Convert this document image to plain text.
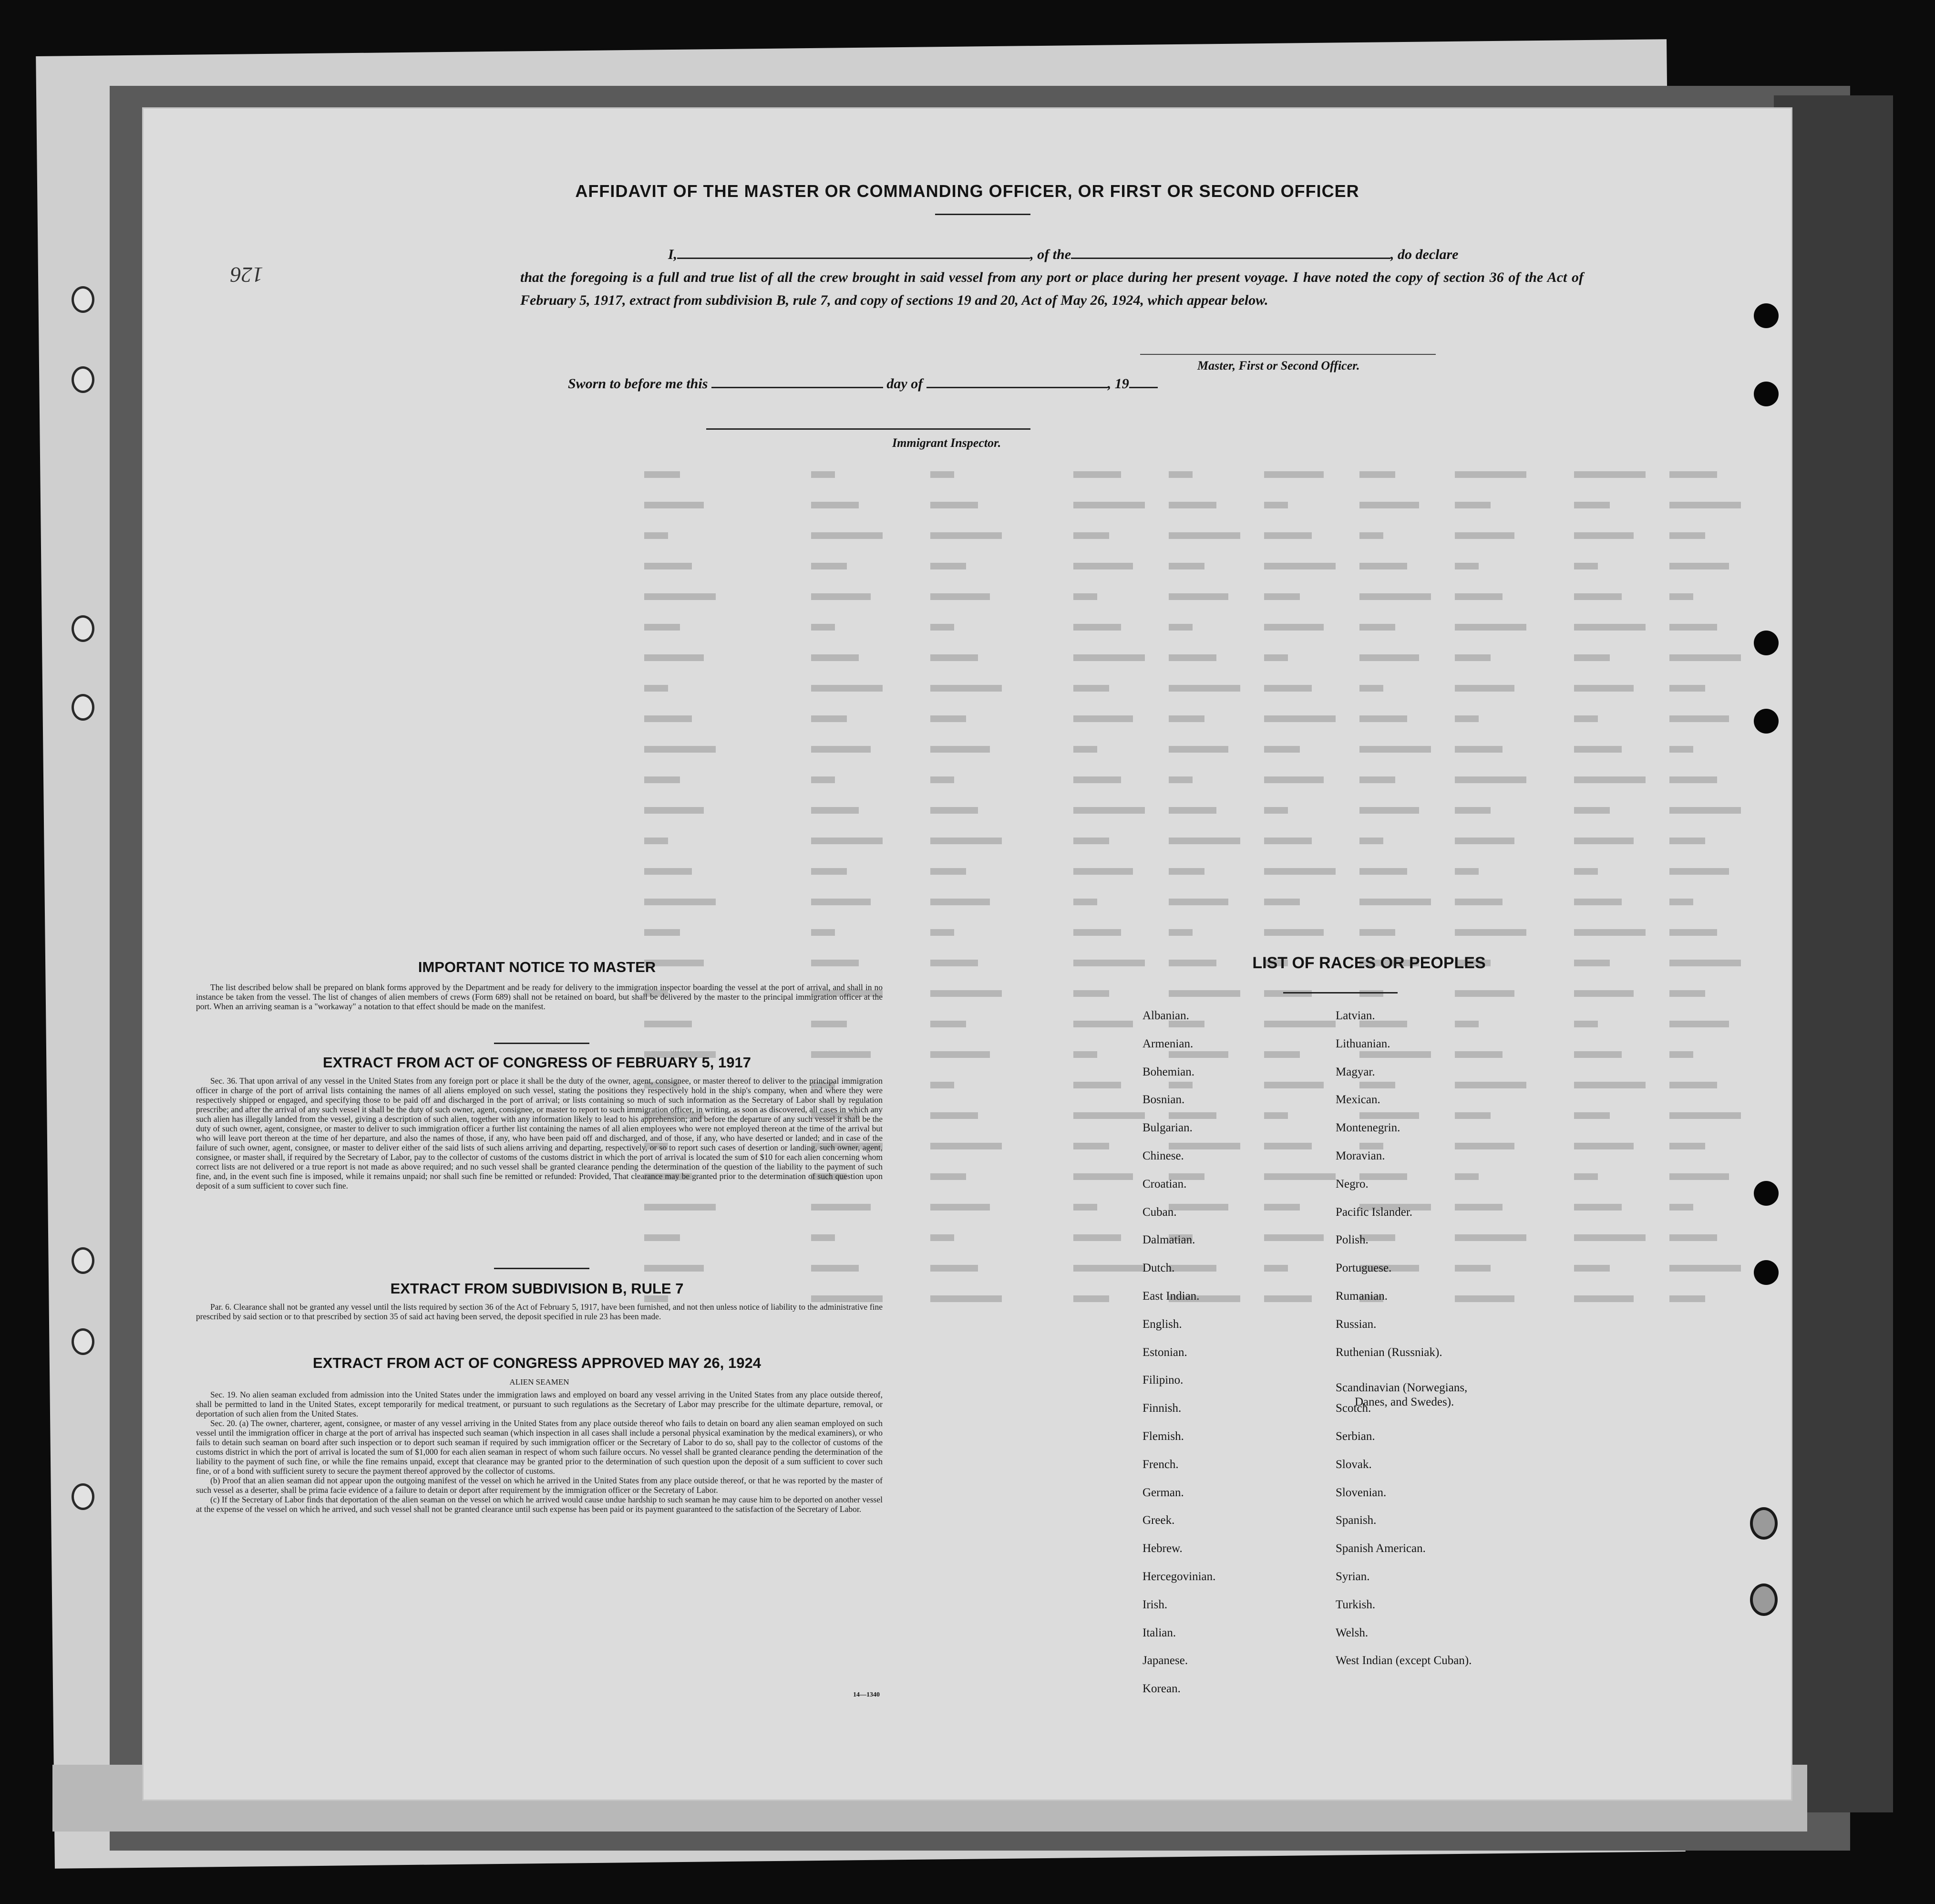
126
AFFIDAVIT OF THE MASTER OR COMMANDING OFFICER, OR FIRST OR SECOND OFFICER
I,	, of the	, do declare
that the foregoing is a full and true list of all the crew brought in said vessel from any port or place during her present voyage. I have noted the copy of section 36 of the Act of February 5, 1917, extract from subdivision B, rule 7, and copy of sections 19 and 20, Act of May 26, 1924, which appear below.
Master, First or Second Officer.
Sworn to before me this	day of	, 19
Immigrant Inspector.
IMPORTANT NOTICE TO MASTER

The list described below shall be prepared on blank forms approved by the Department and be ready for delivery to the immigration inspector boarding the vessel at the port of arrival, and shall in no instance be taken from the vessel. The list of changes of alien members of crews (Form 689) shall not be retained on board, but shall be delivered by the master to the principal immigration officer at the port. When an arriving seaman is a "workaway" a notation to that effect should be made on the manifest.

EXTRACT FROM ACT OF CONGRESS OF FEBRUARY 5, 1917

Sec. 36. That upon arrival of any vessel in the United States from any foreign port or place it shall be the duty of the owner, agent, consignee, or master thereof to deliver to the principal immigration officer in charge of the port of arrival lists containing the names of all aliens employed on such vessel, stating the positions they respectively hold in the ship's company, when and where they were respectively shipped or engaged, and specifying those to be paid off and discharged in the port of arrival; or lists containing so much of such information as the Secretary of Labor shall by regulation prescribe; and after the arrival of any such vessel it shall be the duty of such owner, agent, consignee, or master to report to such immigration officer, in writing, as soon as discovered, all cases in which any such alien has illegally landed from the vessel, giving a description of such alien, together with any information likely to lead to his apprehension; and before the departure of any such vessel it shall be the duty of such owner, agent, consignee, or master to deliver to such immigration officer a further list containing the names of all alien employees who were not employed thereon at the time of the arrival but who will leave port thereon at the time of her departure, and also the names of those, if any, who have been paid off and discharged, and of those, if any, who have deserted or landed; and in case of the failure of such owner, agent, consignee, or master to deliver either of the said lists of such aliens arriving and departing, respectively, or so to report such cases of desertion or landing, such owner, agent, consignee, or master shall, if required by the Secretary of Labor, pay to the collector of customs of the customs district in which the port of arrival is located the sum of $10 for each alien concerning whom correct lists are not delivered or a true report is not made as above required; and no such vessel shall be granted clearance pending the determination of the question of the liability to the payment of such fine, and, in the event such fine is imposed, while it remains unpaid; nor shall such fine be remitted or refunded: Provided, That clearance may be granted prior to the determination of such question upon deposit of a sum sufficient to cover such fine.

EXTRACT FROM SUBDIVISION B, RULE 7

Par. 6. Clearance shall not be granted any vessel until the lists required by section 36 of the Act of February 5, 1917, have been furnished, and not then unless notice of liability to the administrative fine prescribed by said section or to that prescribed by section 35 of said act having been served, the deposit specified in rule 23 has been made.

EXTRACT FROM ACT OF CONGRESS APPROVED MAY 26, 1924
ALIEN SEAMEN

Sec. 19. No alien seaman excluded from admission into the United States under the immigration laws and employed on board any vessel arriving in the United States from any place outside thereof, shall be permitted to land in the United States, except temporarily for medical treatment, or pursuant to such regulations as the Secretary of Labor may prescribe for the ultimate departure, removal, or deportation of such alien from the United States.

Sec. 20. (a) The owner, charterer, agent, consignee, or master of any vessel arriving in the United States from any place outside thereof who fails to detain on board any alien seaman employed on such vessel until the immigration officer in charge at the port of arrival has inspected such seaman (which inspection in all cases shall include a personal physical examination by the medical examiners), or who fails to detain such seaman on board after such inspection or to deport such seaman if required by such immigration officer or the Secretary of Labor to do so, shall pay to the collector of customs of the customs district in which the port of arrival is located the sum of $1,000 for each alien seaman in respect of whom such failure occurs. No vessel shall be granted clearance pending the determination of the liability to the payment of such fine, or while the fine remains unpaid, except that clearance may be granted prior to the determination of such question upon the deposit of a sum sufficient to cover such fine, or of a bond with sufficient surety to secure the payment thereof approved by the collector of customs.

(b) Proof that an alien seaman did not appear upon the outgoing manifest of the vessel on which he arrived in the United States from any place outside thereof, or that he was reported by the master of such vessel as a deserter, shall be prima facie evidence of a failure to detain or deport after requirement by the immigration officer or the Secretary of Labor.

(c) If the Secretary of Labor finds that deportation of the alien seaman on the vessel on which he arrived would cause undue hardship to such seaman he may cause him to be deported on another vessel at the expense of the vessel on which he arrived, and such vessel shall not be granted clearance until such expense has been paid or its payment guaranteed to the satisfaction of the Secretary of Labor.

14—1340
LIST OF RACES OR PEOPLES
Albanian.
Armenian.
Bohemian.
Bosnian.
Bulgarian.
Chinese.
Croatian.
Cuban.
Dalmatian.
Dutch.
East Indian.
English.
Estonian.
Filipino.
Finnish.
Flemish.
French.
German.
Greek.
Hebrew.
Hercegovinian.
Irish.
Italian.
Japanese.
Korean.
Latvian.
Lithuanian.
Magyar.
Mexican.
Montenegrin.
Moravian.
Negro.
Pacific Islander.
Polish.
Portuguese.
Rumanian.
Russian.
Ruthenian (Russniak).
Scandinavian (Norwegians,
Danes, and Swedes).
Scotch.
Serbian.
Slovak.
Slovenian.
Spanish.
Spanish American.
Syrian.
Turkish.
Welsh.
West Indian (except Cuban).
